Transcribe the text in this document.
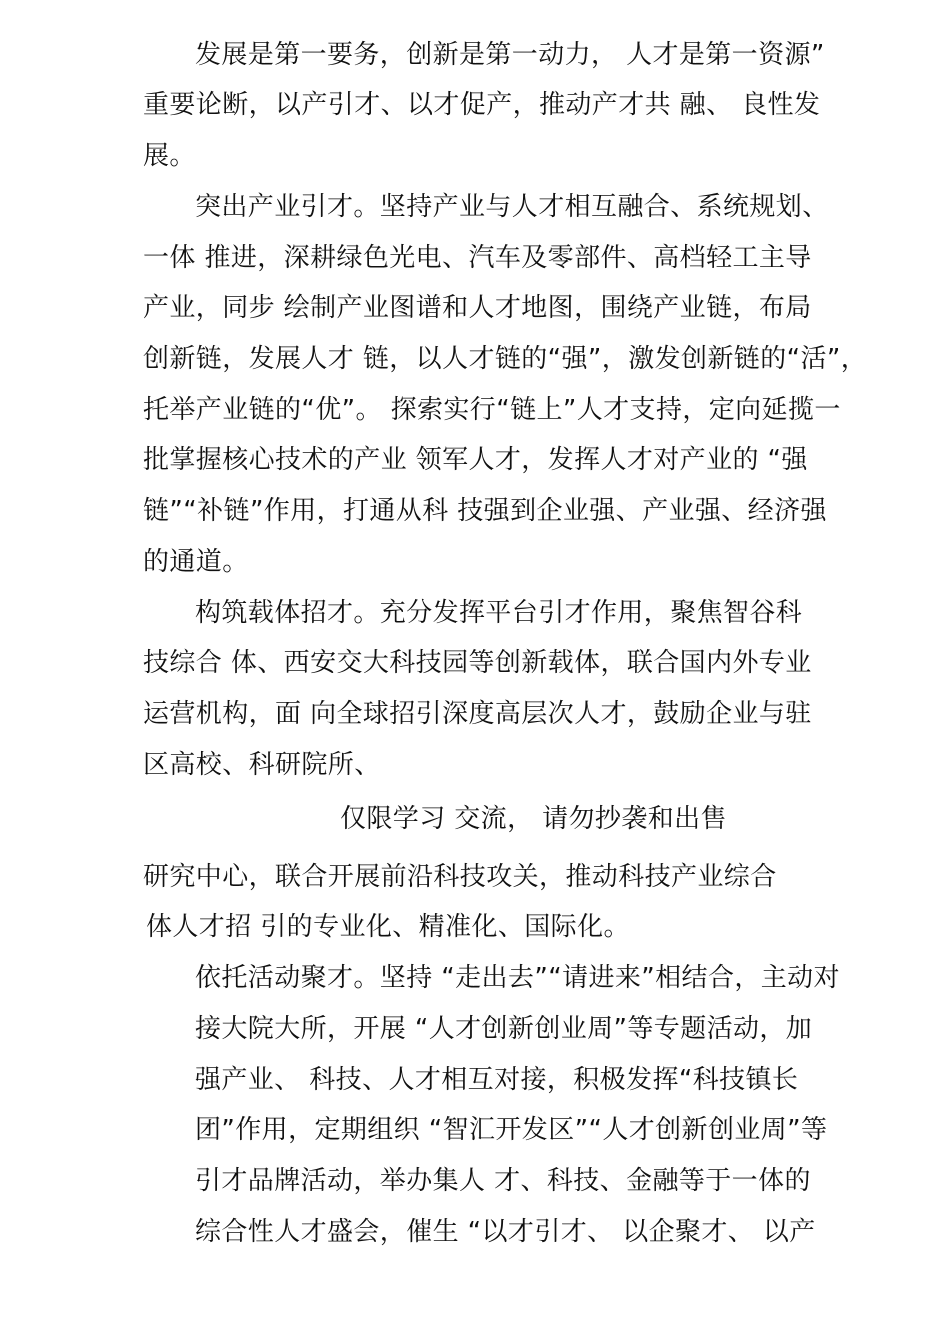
发展是第一要务，创新是第一动力， 人才是第一资源”
重要论断，以产引才、以才促产，推动产才共 融、 良性发
展。
突出产业引才。坚持产业与人才相互融合、系统规划、
一体 推进，深耕绿色光电、汽车及零部件、高档轻工主导
产业，同步 绘制产业图谱和人才地图，围绕产业链，布局
创新链，发展人才 链，以人才链的“强”，激发创新链的“活”，
托举产业链的“优”。 探索实行“链上”人才支持，定向延揽一
批掌握核心技术的产业 领军人才，发挥人才对产业的 “强
链”“补链”作用，打通从科 技强到企业强、产业强、经济强
的通道。
构筑载体招才。充分发挥平台引才作用，聚焦智谷科
技综合 体、西安交大科技园等创新载体，联合国内外专业
运营机构，面 向全球招引深度高层次人才，鼓励企业与驻
区高校、科研院所、
仅限学习 交流， 请勿抄袭和出售
研究中心，联合开展前沿科技攻关，推动科技产业综合
体人才招 引的专业化、精准化、国际化。
依托活动聚才。坚持 “走出去”“请进来”相结合，主动对
接大院大所，开展 “人才创新创业周”等专题活动，加
强产业、 科技、人才相互对接，积极发挥“科技镇长
团”作用，定期组织 “智汇开发区”“人才创新创业周”等
引才品牌活动，举办集人 才、科技、金融等于一体的
综合性人才盛会，催生 “以才引才、 以企聚才、 以产
